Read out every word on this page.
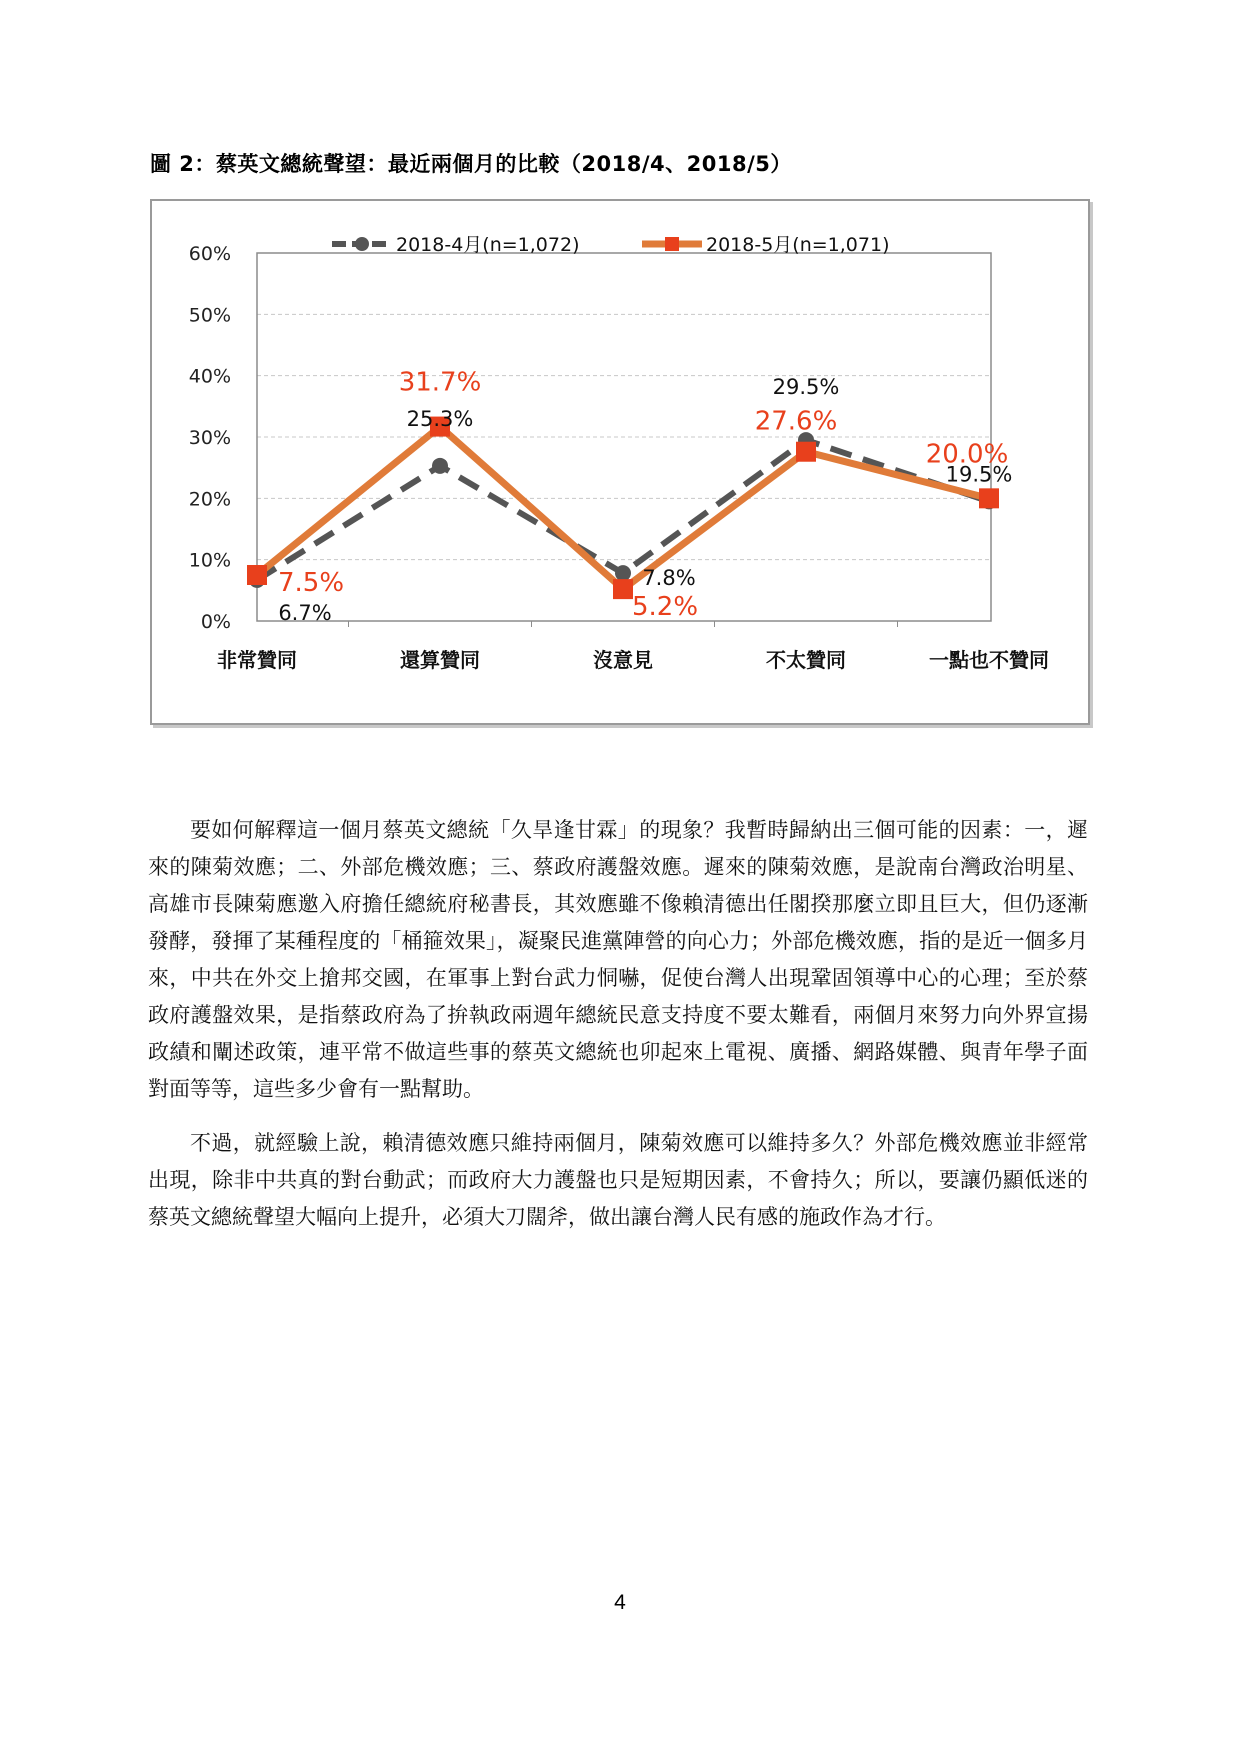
圖 2：蔡英文總統聲望：最近兩個月的比較（2018/4、2018/5）
0%
10%
20%
30%
40%
50%
60%
非常贊同	還算贊同	沒意見	不太贊同	一點也不贊同
6.7%
25.3%
7.8%
29.5%
19.5%
7.5%
31.7%
5.2%
27.6%
20.0%
2018-4月(n=1,072)	2018-5月(n=1,071)

要如何解釋這一個月蔡英文總統「久旱逢甘霖」的現象？我暫時歸納出三個可能的因素：一，遲來的陳菊效應；二、外部危機效應；三、蔡政府護盤效應。遲來的陳菊效應，是說南台灣政治明星、高雄市長陳菊應邀入府擔任總統府秘書長，其效應雖不像賴清德出任閣揆那麼立即且巨大，但仍逐漸發酵，發揮了某種程度的「桶箍效果」，凝聚民進黨陣營的向心力；外部危機效應，指的是近一個多月來，中共在外交上搶邦交國，在軍事上對台武力恫嚇，促使台灣人出現鞏固領導中心的心理；至於蔡政府護盤效果，是指蔡政府為了拚執政兩週年總統民意支持度不要太難看，兩個月來努力向外界宣揚政績和闡述政策，連平常不做這些事的蔡英文總統也卯起來上電視、廣播、網路媒體、與青年學子面對面等等，這些多少會有一點幫助。

不過，就經驗上說，賴清德效應只維持兩個月，陳菊效應可以維持多久？外部危機效應並非經常出現，除非中共真的對台動武；而政府大力護盤也只是短期因素，不會持久；所以，要讓仍顯低迷的蔡英文總統聲望大幅向上提升，必須大刀闊斧，做出讓台灣人民有感的施政作為才行。

4
